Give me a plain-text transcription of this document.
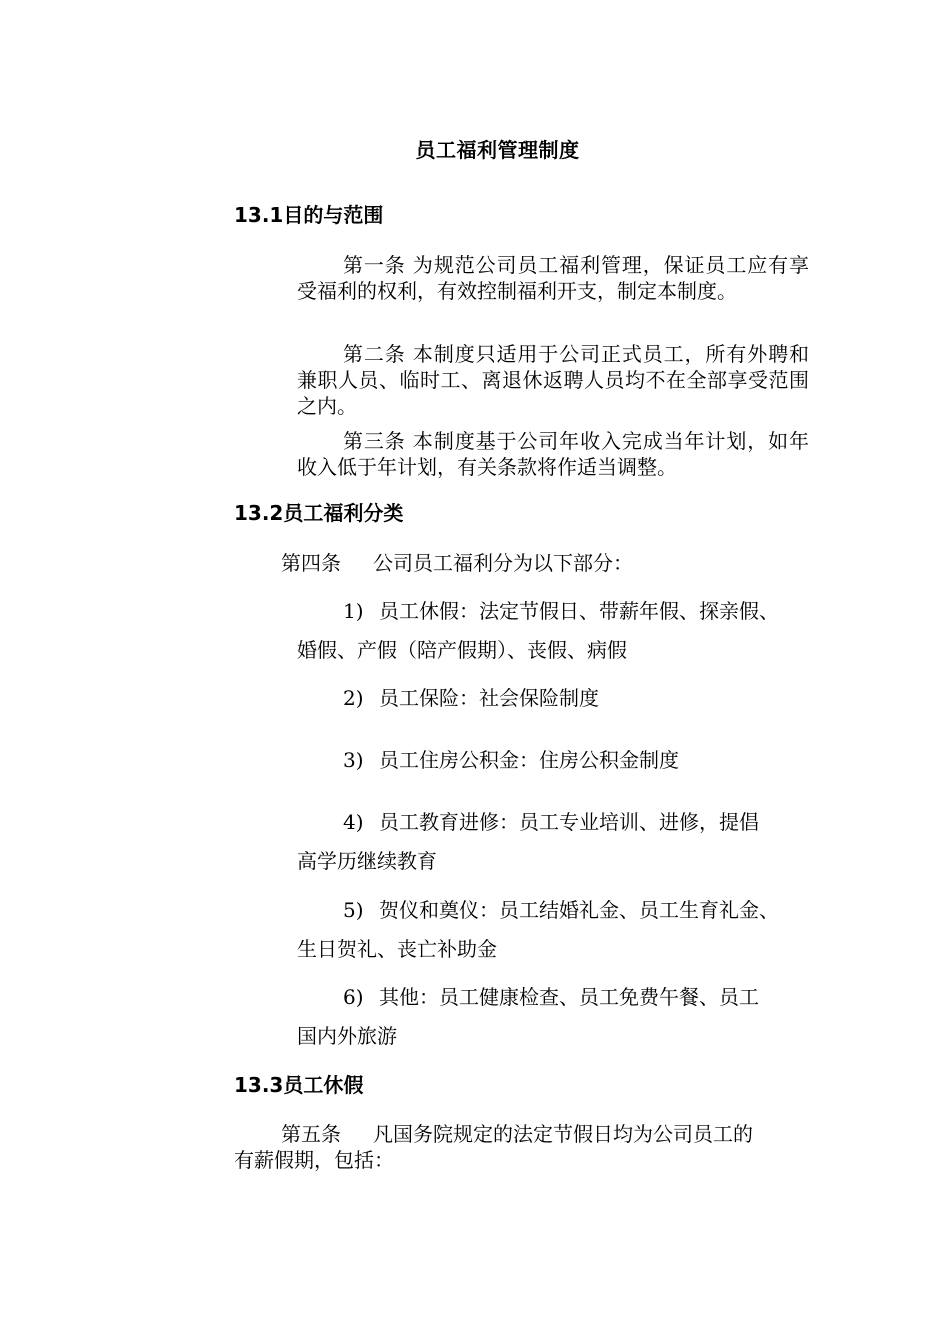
员工福利管理制度
13.1目的与范围
第一条 为规范公司员工福利管理，保证员工应有享受福利的权利，有效控制福利开支，制定本制度。
第二条 本制度只适用于公司正式员工，所有外聘和兼职人员、临时工、离退休返聘人员均不在全部享受范围之内。
第三条 本制度基于公司年收入完成当年计划，如年收入低于年计划，有关条款将作适当调整。
13.2员工福利分类
第四条 公司员工福利分为以下部分：
1) 员工休假：法定节假日、带薪年假、探亲假、
婚假、产假（陪产假期）、丧假、病假
2) 员工保险：社会保险制度
3) 员工住房公积金：住房公积金制度
4) 员工教育进修：员工专业培训、进修，提倡
高学历继续教育
5) 贺仪和奠仪：员工结婚礼金、员工生育礼金、
生日贺礼、丧亡补助金
6) 其他：员工健康检查、员工免费午餐、员工
国内外旅游
13.3员工休假
第五条 凡国务院规定的法定节假日均为公司员工的
有薪假期，包括：
